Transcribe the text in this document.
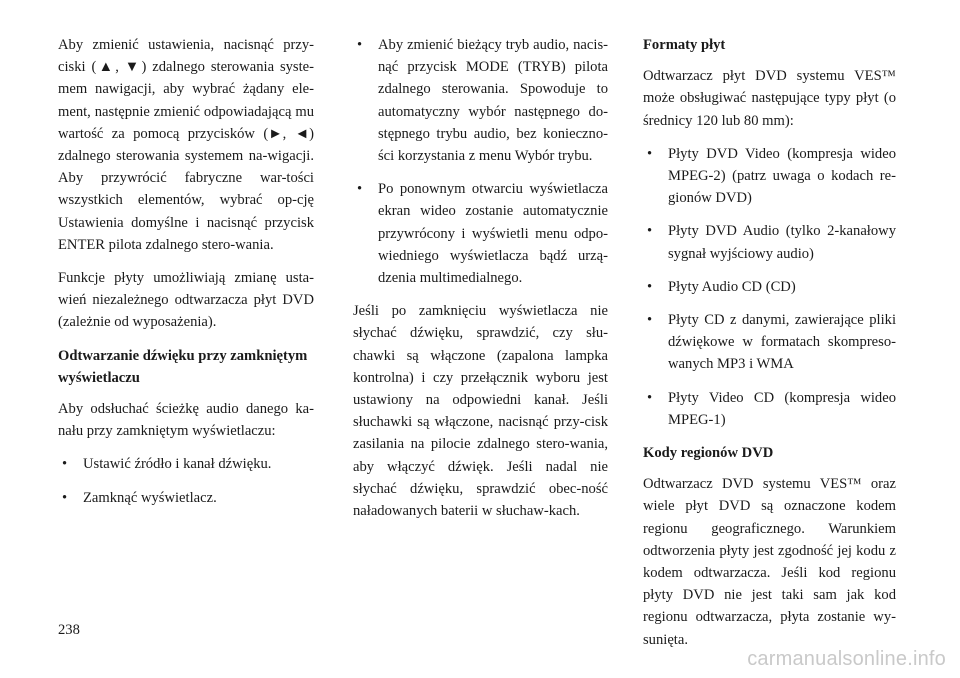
Aby zmienić ustawienia, nacisnąć przy-ciski (▲, ▼) zdalnego sterowania syste-mem nawigacji, aby wybrać żądany ele-ment, następnie zmienić odpowiadającą mu wartość za pomocą przycisków (►, ◄) zdalnego sterowania systemem na-wigacji. Aby przywrócić fabryczne war-tości wszystkich elementów, wybrać op-cję Ustawienia domyślne i nacisnąć przycisk ENTER pilota zdalnego stero-wania.

Funkcje płyty umożliwiają zmianę usta-wień niezależnego odtwarzacza płyt DVD (zależnie od wyposażenia).

Odtwarzanie dźwięku przy zamkniętym wyświetlaczu

Aby odsłuchać ścieżkę audio danego ka-nału przy zamkniętym wyświetlaczu:

• Ustawić źródło i kanał dźwięku.
• Zamknąć wyświetlacz.
• Aby zmienić bieżący tryb audio, nacis-nąć przycisk MODE (TRYB) pilota zdalnego sterowania. Spowoduje to automatyczny wybór następnego do-stępnego trybu audio, bez konieczno-ści korzystania z menu Wybór trybu.
• Po ponownym otwarciu wyświetlacza ekran wideo zostanie automatycznie przywrócony i wyświetli menu odpo-wiedniego wyświetlacza bądź urzą-dzenia multimedialnego.

Jeśli po zamknięciu wyświetlacza nie słychać dźwięku, sprawdzić, czy słu-chawki są włączone (zapalona lampka kontrolna) i czy przełącznik wyboru jest ustawiony na odpowiedni kanał. Jeśli słuchawki są włączone, nacisnąć przy-cisk zasilania na pilocie zdalnego stero-wania, aby włączyć dźwięk. Jeśli nadal nie słychać dźwięku, sprawdzić obec-ność naładowanych baterii w słuchaw-kach.

Formaty płyt

Odtwarzacz płyt DVD systemu VES™ może obsługiwać następujące typy płyt (o średnicy 120 lub 80 mm):

• Płyty DVD Video (kompresja wideo MPEG-2) (patrz uwaga o kodach re-gionów DVD)
• Płyty DVD Audio (tylko 2-kanałowy sygnał wyjściowy audio)
• Płyty Audio CD (CD)
• Płyty CD z danymi, zawierające pliki dźwiękowe w formatach skompreso-wanych MP3 i WMA
• Płyty Video CD (kompresja wideo MPEG-1)

Kody regionów DVD

Odtwarzacz DVD systemu VES™ oraz wiele płyt DVD są oznaczone kodem regionu geograficznego. Warunkiem odtworzenia płyty jest zgodność jej kodu z kodem odtwarzacza. Jeśli kod regionu płyty DVD nie jest taki sam jak kod regionu odtwarzacza, płyta zostanie wy-sunięta.

238
carmanualsonline.info
